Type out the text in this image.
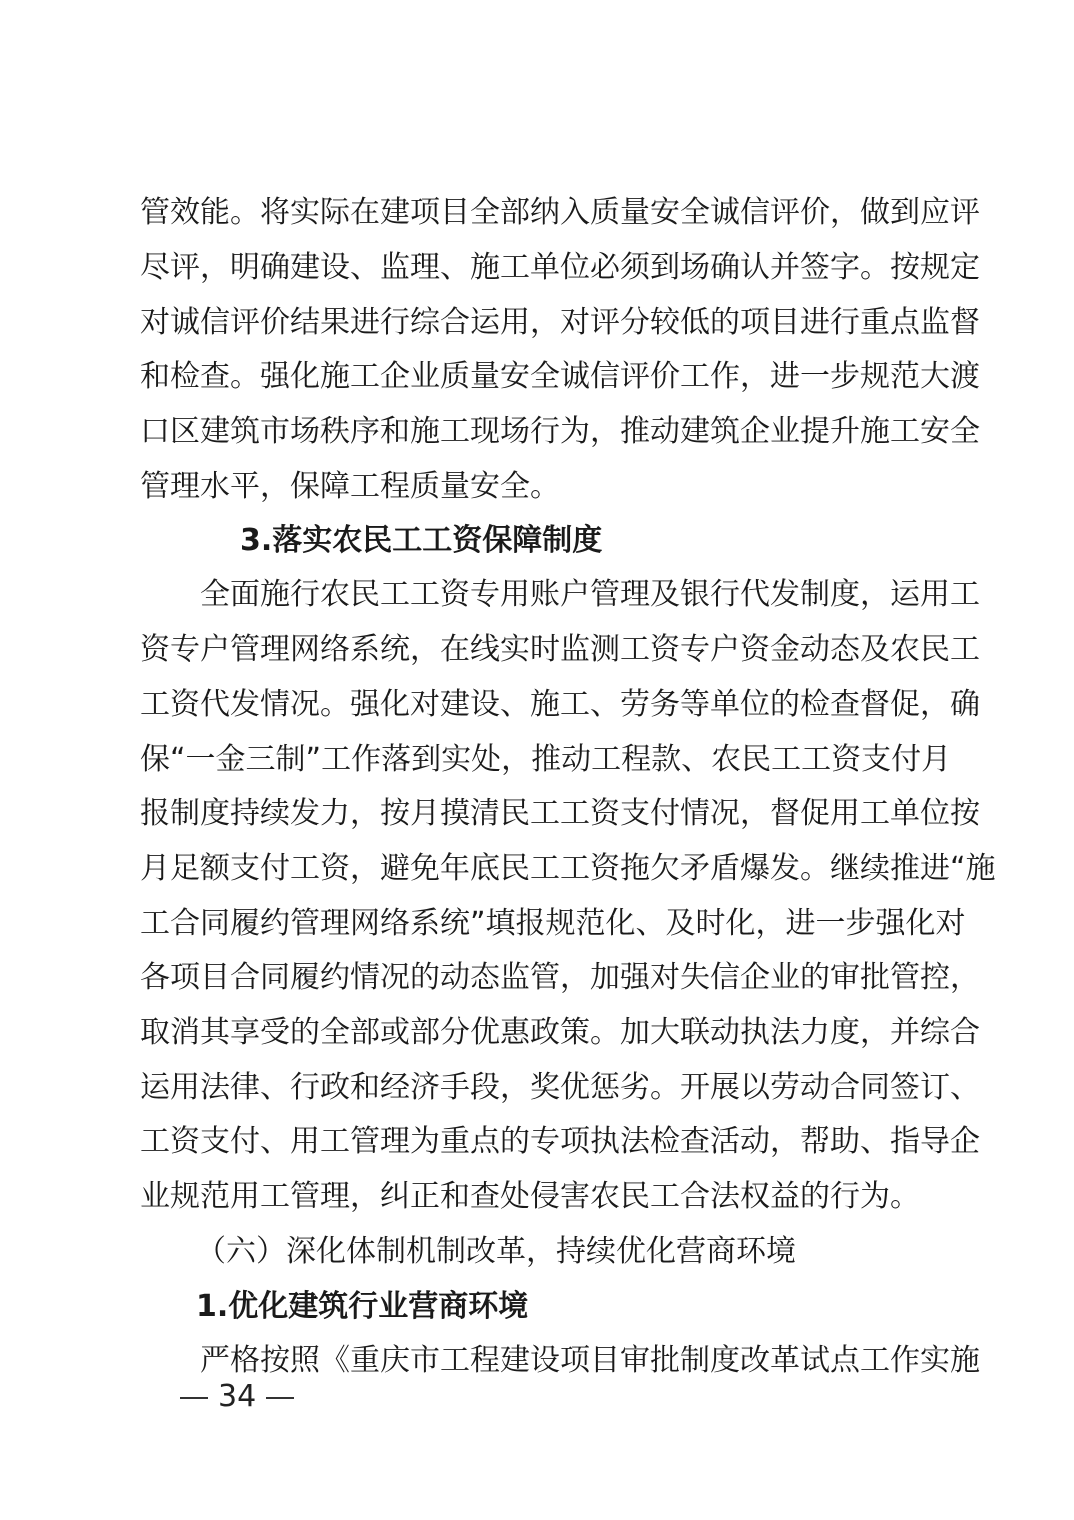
管效能。将实际在建项目全部纳入质量安全诚信评价，做到应评
尽评，明确建设、监理、施工单位必须到场确认并签字。按规定
对诚信评价结果进行综合运用，对评分较低的项目进行重点监督
和检查。强化施工企业质量安全诚信评价工作，进一步规范大渡
口区建筑市场秩序和施工现场行为，推动建筑企业提升施工安全
管理水平，保障工程质量安全。
3.落实农民工工资保障制度
全面施行农民工工资专用账户管理及银行代发制度，运用工
资专户管理网络系统，在线实时监测工资专户资金动态及农民工
工资代发情况。强化对建设、施工、劳务等单位的检查督促，确
保“一金三制”工作落到实处，推动工程款、农民工工资支付月
报制度持续发力，按月摸清民工工资支付情况，督促用工单位按
月足额支付工资，避免年底民工工资拖欠矛盾爆发。继续推进“施
工合同履约管理网络系统”填报规范化、及时化，进一步强化对
各项目合同履约情况的动态监管，加强对失信企业的审批管控，
取消其享受的全部或部分优惠政策。加大联动执法力度，并综合
运用法律、行政和经济手段，奖优惩劣。开展以劳动合同签订、
工资支付、用工管理为重点的专项执法检查活动，帮助、指导企
业规范用工管理，纠正和查处侵害农民工合法权益的行为。
（六）深化体制机制改革，持续优化营商环境
1.优化建筑行业营商环境
严格按照《重庆市工程建设项目审批制度改革试点工作实施
34
